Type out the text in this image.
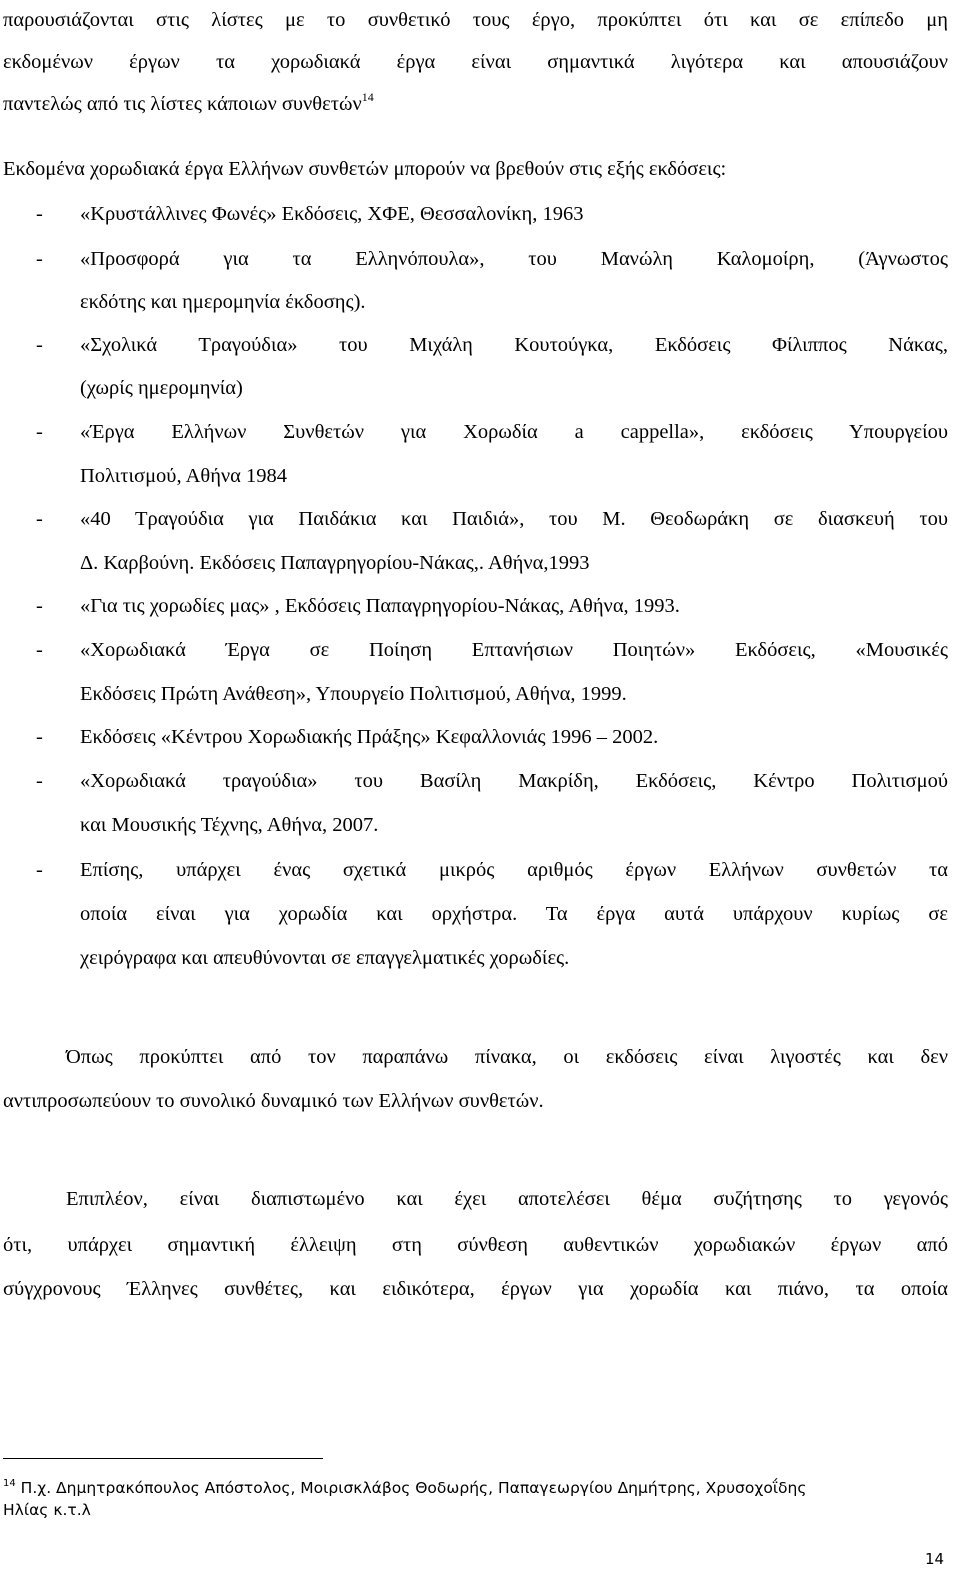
παρουσιάζονται στις λίστες με το συνθετικό τους έργο, προκύπτει ότι και σε επίπεδο μη
εκδομένων έργων τα χορωδιακά έργα είναι σημαντικά λιγότερα και απουσιάζουν
παντελώς από τις λίστες κάποιων συνθετών$^{14}$
Εκδομένα χορωδιακά έργα Ελλήνων συνθετών μπορούν να βρεθούν στις εξής εκδόσεις:
- «Κρυστάλλινες Φωνές» Εκδόσεις, ΧΦΕ, Θεσσαλονίκη, 1963
- «Προσφορά για τα Ελληνόπουλα», του Μανώλη Καλομοίρη, (Άγνωστος
εκδότης και ημερομηνία έκδοσης).
- «Σχολικά Τραγούδια» του Μιχάλη Κουτούγκα, Εκδόσεις Φίλιππος Νάκας,
(χωρίς ημερομηνία)
- «Έργα Ελλήνων Συνθετών για Χορωδία a cappella», εκδόσεις Υπουργείου
Πολιτισμού, Αθήνα 1984
- «40 Τραγούδια για Παιδάκια και Παιδιά», του Μ. Θεοδωράκη σε διασκευή του
Δ. Καρβούνη. Εκδόσεις Παπαγρηγορίου-Νάκας,. Αθήνα,1993
- «Για τις χορωδίες μας» , Εκδόσεις Παπαγρηγορίου-Νάκας, Αθήνα, 1993.
- «Χορωδιακά Έργα σε Ποίηση Επτανήσιων Ποιητών» Εκδόσεις, «Μουσικές
Εκδόσεις Πρώτη Ανάθεση», Υπουργείο Πολιτισμού, Αθήνα, 1999.
- Εκδόσεις «Κέντρου Χορωδιακής Πράξης» Κεφαλλονιάς 1996 – 2002.
- «Χορωδιακά τραγούδια» του Βασίλη Μακρίδη, Εκδόσεις, Κέντρο Πολιτισμού
και Μουσικής Τέχνης, Αθήνα, 2007.
- Επίσης, υπάρχει ένας σχετικά μικρός αριθμός έργων Ελλήνων συνθετών τα
οποία είναι για χορωδία και ορχήστρα. Τα έργα αυτά υπάρχουν κυρίως σε
χειρόγραφα και απευθύνονται σε επαγγελματικές χορωδίες.
Όπως προκύπτει από τον παραπάνω πίνακα, οι εκδόσεις είναι λιγοστές και δεν
αντιπροσωπεύουν το συνολικό δυναμικό των Ελλήνων συνθετών.
Επιπλέον, είναι διαπιστωμένο και έχει αποτελέσει θέμα συζήτησης το γεγονός
ότι, υπάρχει σημαντική έλλειψη στη σύνθεση αυθεντικών χορωδιακών έργων από
σύγχρονους Έλληνες συνθέτες, και ειδικότερα, έργων για χορωδία και πιάνο, τα οποία
$^{14}$ Π.χ. Δημητρακόπουλος Απόστολος, Μοιρισκλάβος Θοδωρής, Παπαγεωργίου Δημήτρης, Χρυσοχοΐδης
Ηλίας κ.τ.λ
14
